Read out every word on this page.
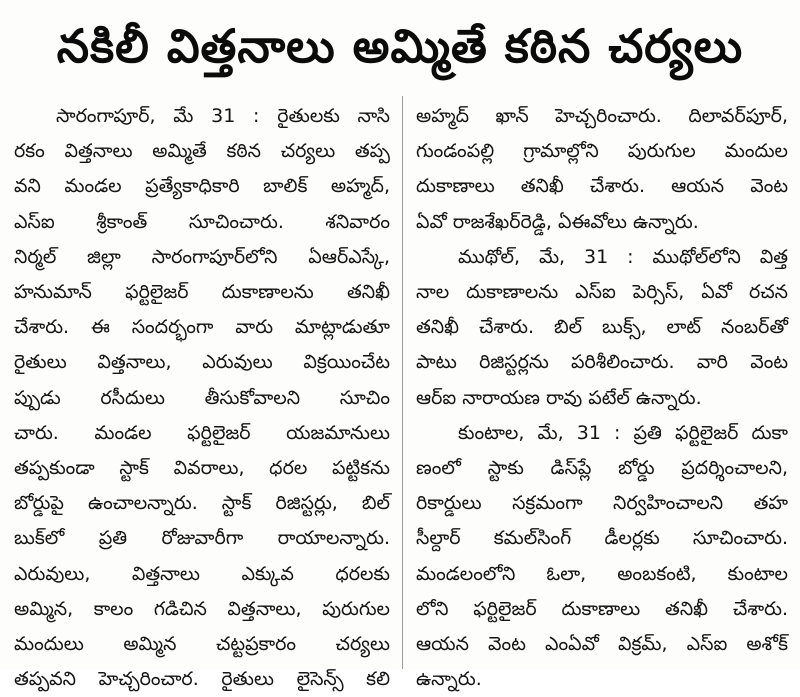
నకిలీ విత్తనాలు అమ్మితే కఠిన చర్యలు
సారంగాపూర్, మే 31 : రైతులకు నాసి
రకం విత్తనాలు అమ్మితే కఠిన చర్యలు తప్ప
వని మండల ప్రత్యేకాధికారి బాలిక్ అహ్మద్,
ఎస్ఐ శ్రీకాంత్ సూచించారు. శనివారం
నిర్మల్ జిల్లా సారంగాపూర్‌లోని ఏఆర్ఎస్కే,
హనుమాన్ ఫర్టిలైజర్ దుకాణాలను తనిఖీ
చేశారు. ఈ సందర్భంగా వారు మాట్లాడుతూ
రైతులు విత్తనాలు, ఎరువులు విక్రయించేట
ప్పుడు రసీదులు తీసుకోవాలని సూచిం
చారు. మండల ఫర్టిలైజర్ యజమానులు
తప్పకుండా స్టాక్ వివరాలు, ధరల పట్టికను
బోర్డుపై ఉంచాలన్నారు. స్టాక్ రిజిస్టర్లు, బిల్
బుక్‌లో ప్రతి రోజువారీగా రాయాలన్నారు.
ఎరువులు, విత్తనాలు ఎక్కువ ధరలకు
అమ్మిన, కాలం గడిచిన విత్తనాలు, పురుగుల
మందులు అమ్మిన చట్టప్రకారం చర్యలు
తప్పవని హెచ్చరించార. రైతులు లైసెన్స్ కలి
అహ్మద్ ఖాన్ హెచ్చరించారు. దిలావర్‌పూర్,
గుండంపల్లి గ్రామాల్లోని పురుగుల మందుల
దుకాణాలు తనిఖీ చేశారు. ఆయన వెంట
ఏవో రాజశేఖర్‌రెడ్డి, ఏఈవోలు ఉన్నారు.
ముథోల్, మే, 31 : ముథోల్‌లోని విత్త
నాల దుకాణాలను ఎస్ఐ పెర్సిస్, ఏవో రచన
తనిఖీ చేశారు. బిల్ బుక్స్, లాట్ నంబర్‌తో
పాటు రిజిస్టర్లను పరిశీలించారు. వారి వెంట
ఆర్ఐ నారాయణ రావు పటేల్ ఉన్నారు.
కుంటాల, మే, 31 : ప్రతి ఫర్టిలైజర్ దుకా
ణంలో స్టాకు డిస్‌ప్లే బోర్డు ప్రదర్శించాలని,
రికార్డులు సక్రమంగా నిర్వహించాలని తహ
సీల్దార్ కమల్‌సింగ్ డీలర్లకు సూచించారు.
మండలంలోని ఓలా, అంబకంటి, కుంటాల
లోని ఫర్టిలైజర్ దుకాణాలు తనిఖీ చేశారు.
ఆయన వెంట ఎంఏవో విక్రమ్, ఎస్ఐ అశోక్
ఉన్నారు.
